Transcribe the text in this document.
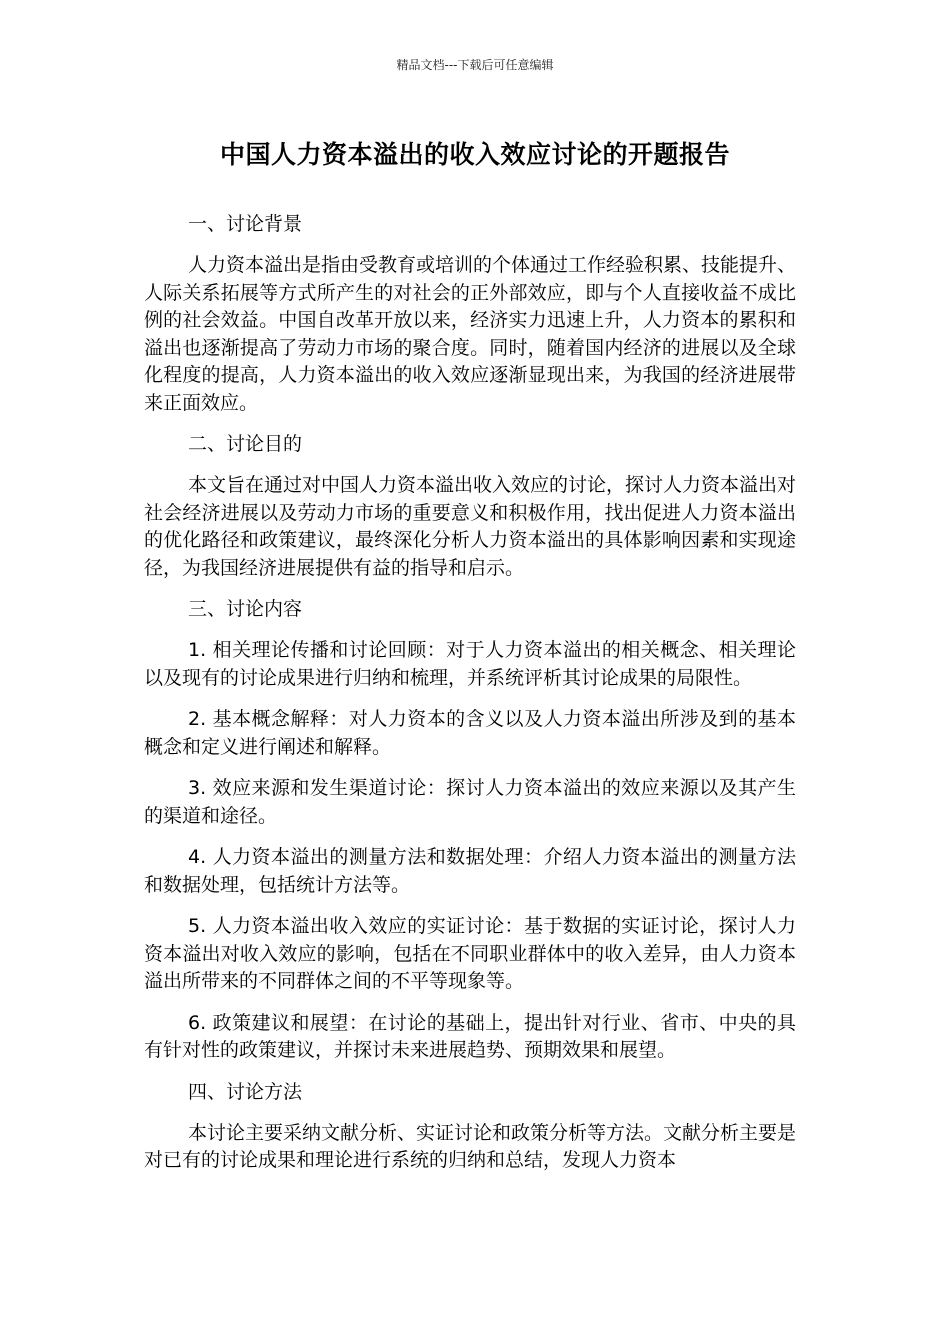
精品文档---下载后可任意编辑
中国人力资本溢出的收入效应讨论的开题报告
一、讨论背景

人力资本溢出是指由受教育或培训的个体通过工作经验积累、技能提升、人际关系拓展等方式所产生的对社会的正外部效应，即与个人直接收益不成比例的社会效益。中国自改革开放以来，经济实力迅速上升，人力资本的累积和溢出也逐渐提高了劳动力市场的聚合度。同时，随着国内经济的进展以及全球化程度的提高，人力资本溢出的收入效应逐渐显现出来，为我国的经济进展带来正面效应。

二、讨论目的

本文旨在通过对中国人力资本溢出收入效应的讨论，探讨人力资本溢出对社会经济进展以及劳动力市场的重要意义和积极作用，找出促进人力资本溢出的优化路径和政策建议，最终深化分析人力资本溢出的具体影响因素和实现途径，为我国经济进展提供有益的指导和启示。

三、讨论内容

1. 相关理论传播和讨论回顾：对于人力资本溢出的相关概念、相关理论以及现有的讨论成果进行归纳和梳理，并系统评析其讨论成果的局限性。

2. 基本概念解释：对人力资本的含义以及人力资本溢出所涉及到的基本概念和定义进行阐述和解释。

3. 效应来源和发生渠道讨论：探讨人力资本溢出的效应来源以及其产生的渠道和途径。

4. 人力资本溢出的测量方法和数据处理：介绍人力资本溢出的测量方法和数据处理，包括统计方法等。

5. 人力资本溢出收入效应的实证讨论：基于数据的实证讨论，探讨人力资本溢出对收入效应的影响，包括在不同职业群体中的收入差异，由人力资本溢出所带来的不同群体之间的不平等现象等。

6. 政策建议和展望：在讨论的基础上，提出针对行业、省市、中央的具有针对性的政策建议，并探讨未来进展趋势、预期效果和展望。

四、讨论方法

本讨论主要采纳文献分析、实证讨论和政策分析等方法。文献分析主要是对已有的讨论成果和理论进行系统的归纳和总结，发现人力资本
